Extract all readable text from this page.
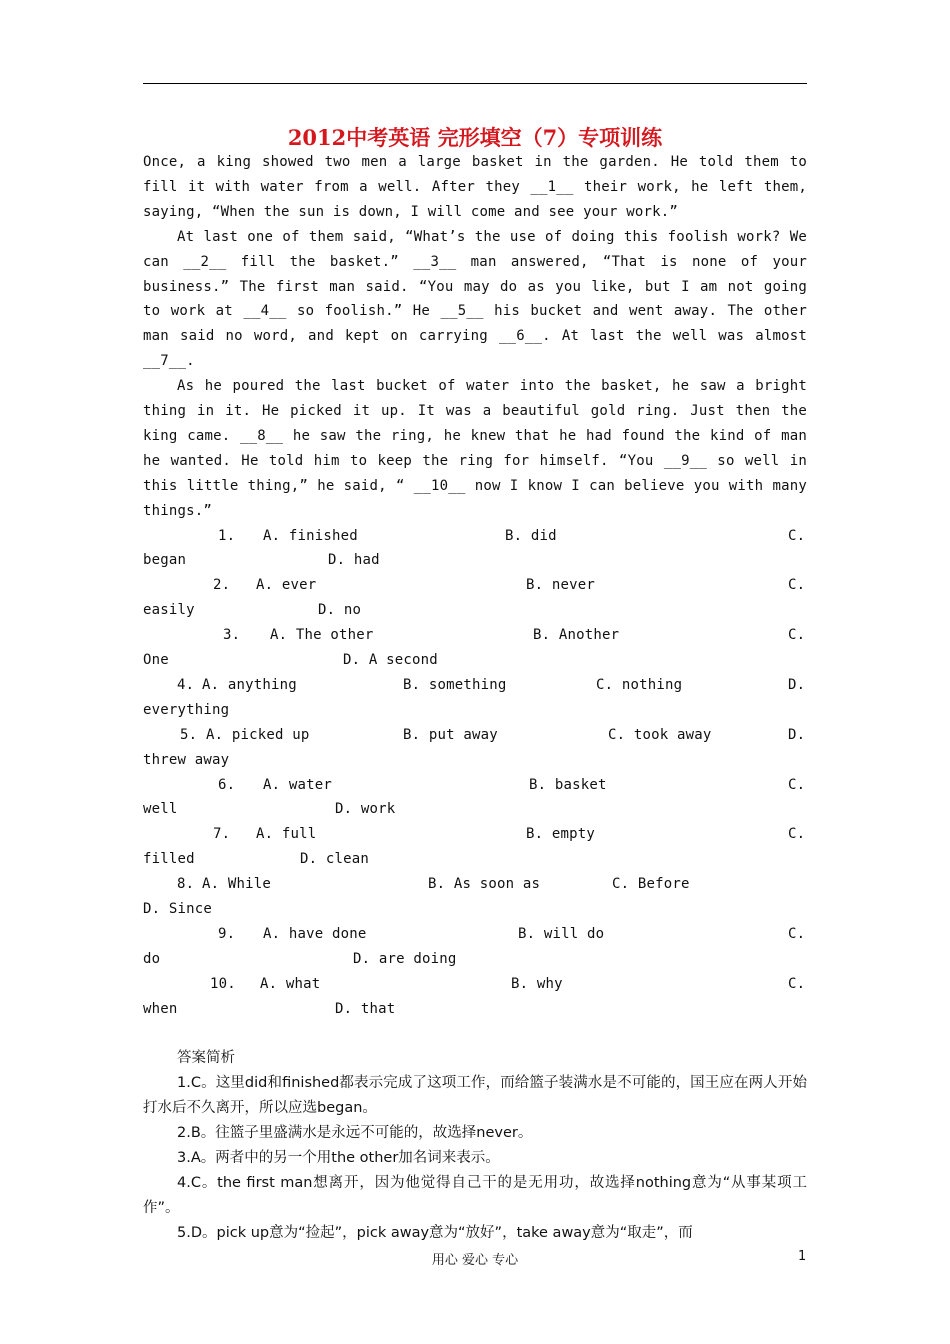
2012中考英语 完形填空（7）专项训练

Once, a king showed two men a large basket in the garden. He told them to fill it with water from a well. After they __1__ their work, he left them, saying, “When the sun is down, I will come and see your work.”

At last one of them said, “What’s the use of doing this foolish work? We can __2__ fill the basket.” __3__ man answered, “That is none of your business.” The first man said. “You may do as you like, but I am not going to work at __4__ so foolish.” He __5__ his bucket and went away. The other man said no word, and kept on carrying __6__. At last the well was almost __7__.

As he poured the last bucket of water into the basket, he saw a bright thing in it. He picked it up. It was a beautiful gold ring. Just then the king came. __8__ he saw the ring, he knew that he had found the kind of man he wanted. He told him to keep the ring for himself. “You __9__ so well in this little thing,” he said, “ __10__ now I know I can believe you with many things.”

1. A. finished	B. did	C.
began	D. had
2. A. ever	B. never	C.
easily	D. no
3. A. The other	B. Another	C.
One	D. A second
4. A. anything	B. something	C. nothing	D.
everything
5. A. picked up	B. put away	C. took away	D.
threw away
6. A. water	B. basket	C.
well	D. work
7. A. full	B. empty	C.
filled	D. clean
8. A. While	B. As soon as	C. Before
D. Since
9. A. have done	B. will do	C.
do	D. are doing
10. A. what	B. why	C.
when	D. that

答案简析

1.C。这里did和finished都表示完成了这项工作，而给篮子装满水是不可能的，国王应在两人开始打水后不久离开，所以应选began。

2.B。往篮子里盛满水是永远不可能的，故选择never。

3.A。两者中的另一个用the other加名词来表示。

4.C。the first man想离开，因为他觉得自己干的是无用功，故选择nothing意为“从事某项工作”。

5.D。pick up意为“捡起”，pick away意为“放好”，take away意为“取走”，而

用心 爱心 专心	1
